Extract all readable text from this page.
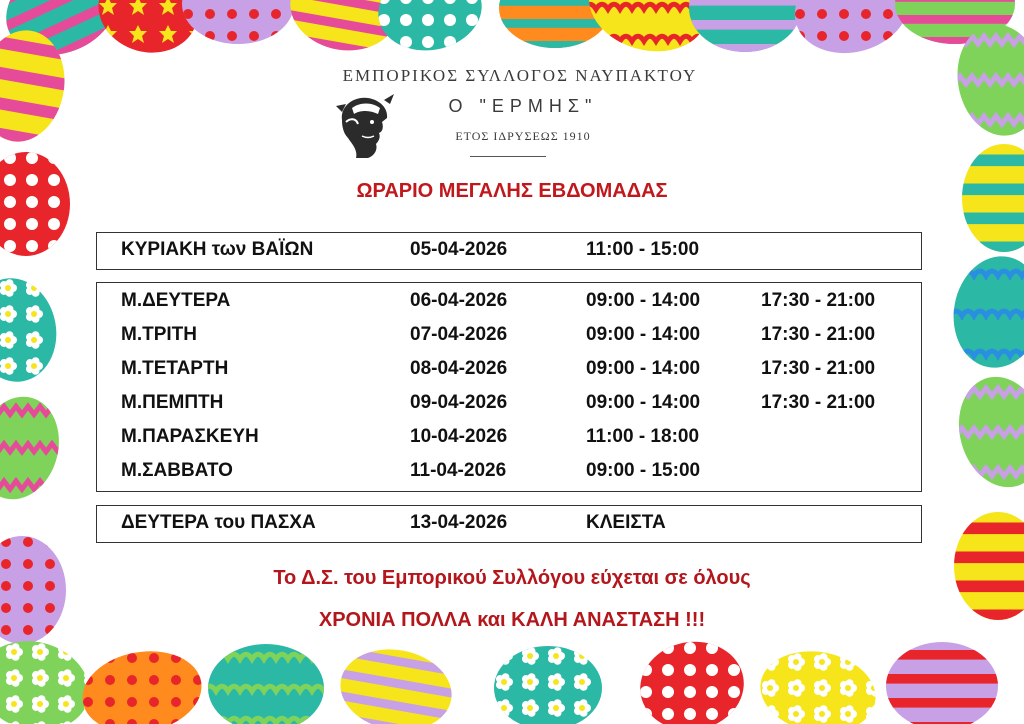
ΕΜΠΟΡΙΚΟΣ ΣΥΛΛΟΓΟΣ ΝΑΥΠΑΚΤΟΥ
Ο "ΕΡΜΗΣ"
ΕΤΟΣ ΙΔΡΥΣΕΩΣ 1910
ΩΡΑΡΙΟ ΜΕΓΑΛΗΣ ΕΒΔΟΜΑΔΑΣ
ΚΥΡΙΑΚΗ των ΒΑΪΩΝ	05-04-2026	11:00 - 15:00
Μ.ΔΕΥΤΕΡΑ	06-04-2026	09:00 - 14:00	17:30 - 21:00
Μ.ΤΡΙΤΗ	07-04-2026	09:00 - 14:00	17:30 - 21:00
Μ.ΤΕΤΑΡΤΗ	08-04-2026	09:00 - 14:00	17:30 - 21:00
Μ.ΠΕΜΠΤΗ	09-04-2026	09:00 - 14:00	17:30 - 21:00
Μ.ΠΑΡΑΣΚΕΥΗ	10-04-2026	11:00 - 18:00
Μ.ΣΑΒΒΑΤΟ	11-04-2026	09:00 - 15:00
ΔΕΥΤΕΡΑ του ΠΑΣΧΑ	13-04-2026	ΚΛΕΙΣΤΑ
Το Δ.Σ. του Εμπορικού Συλλόγου εύχεται σε όλους
ΧΡΟΝΙΑ ΠΟΛΛΑ και ΚΑΛΗ ΑΝΑΣΤΑΣΗ !!!
